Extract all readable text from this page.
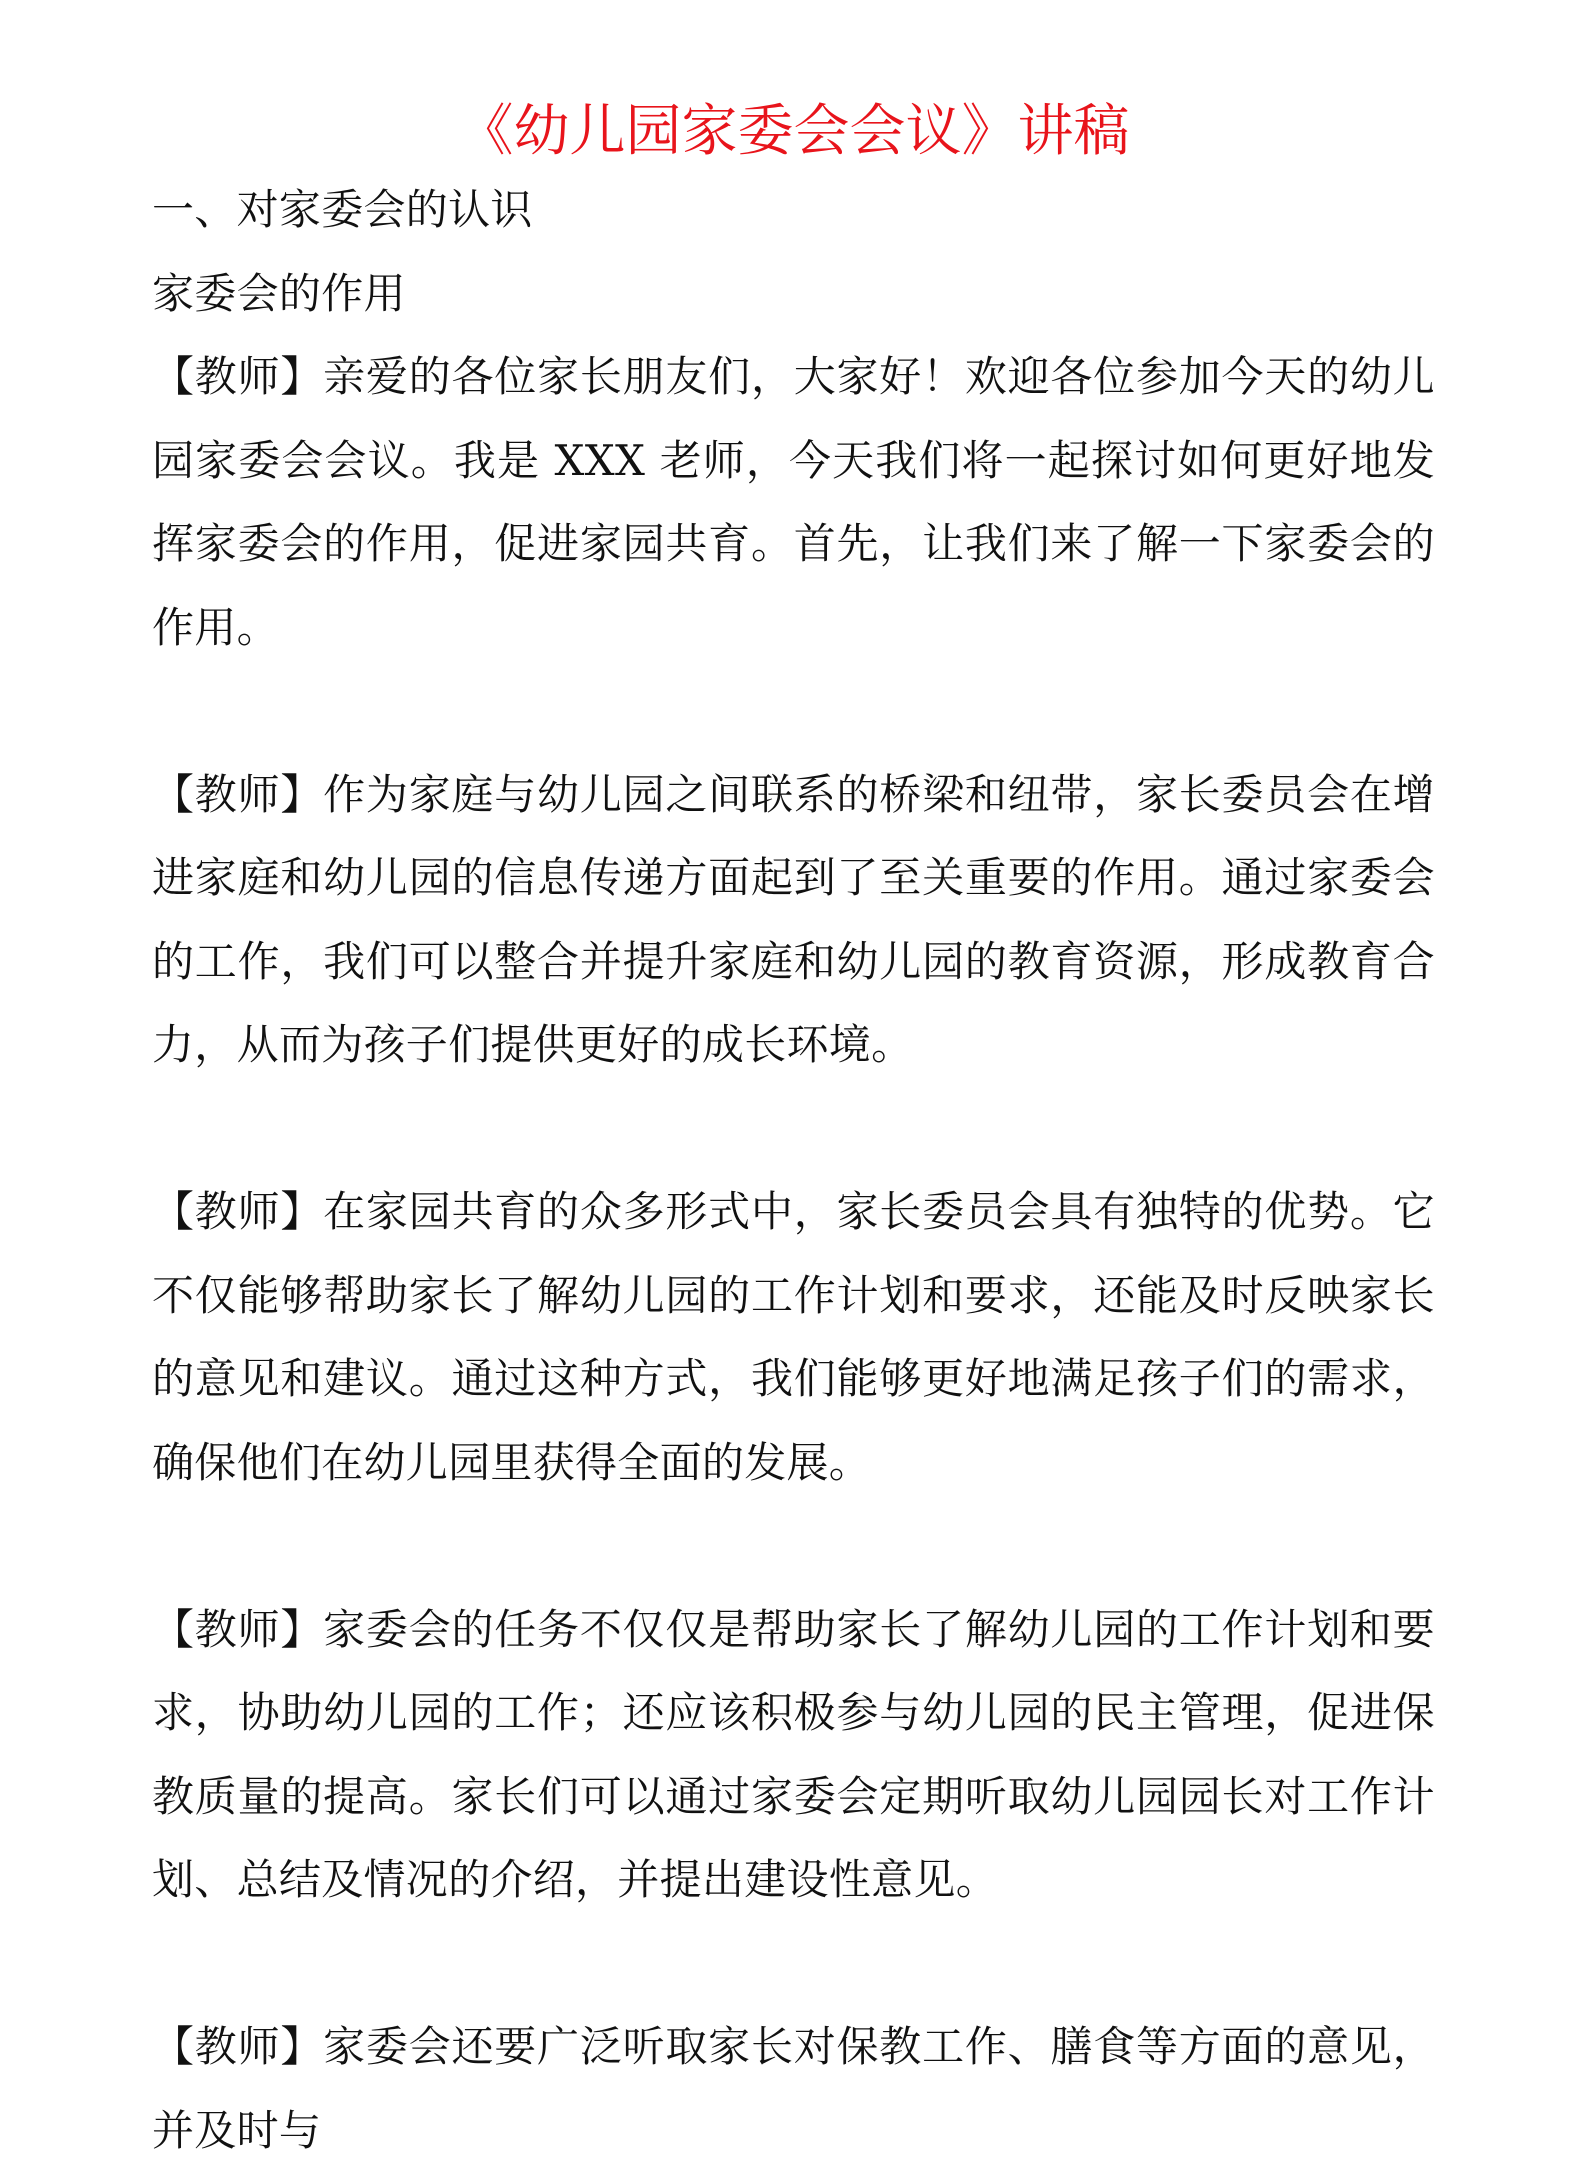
《幼儿园家委会会议》讲稿

一、对家委会的认识

家委会的作用

【教师】亲爱的各位家长朋友们，大家好！欢迎各位参加今天的幼儿园家委会会议。我是 XXX 老师，今天我们将一起探讨如何更好地发挥家委会的作用，促进家园共育。首先，让我们来了解一下家委会的作用。

【教师】作为家庭与幼儿园之间联系的桥梁和纽带，家长委员会在增进家庭和幼儿园的信息传递方面起到了至关重要的作用。通过家委会的工作，我们可以整合并提升家庭和幼儿园的教育资源，形成教育合力，从而为孩子们提供更好的成长环境。

【教师】在家园共育的众多形式中，家长委员会具有独特的优势。它不仅能够帮助家长了解幼儿园的工作计划和要求，还能及时反映家长的意见和建议。通过这种方式，我们能够更好地满足孩子们的需求，确保他们在幼儿园里获得全面的发展。

【教师】家委会的任务不仅仅是帮助家长了解幼儿园的工作计划和要求，协助幼儿园的工作；还应该积极参与幼儿园的民主管理，促进保教质量的提高。家长们可以通过家委会定期听取幼儿园园长对工作计划、总结及情况的介绍，并提出建设性意见。

【教师】家委会还要广泛听取家长对保教工作、膳食等方面的意见，并及时与
